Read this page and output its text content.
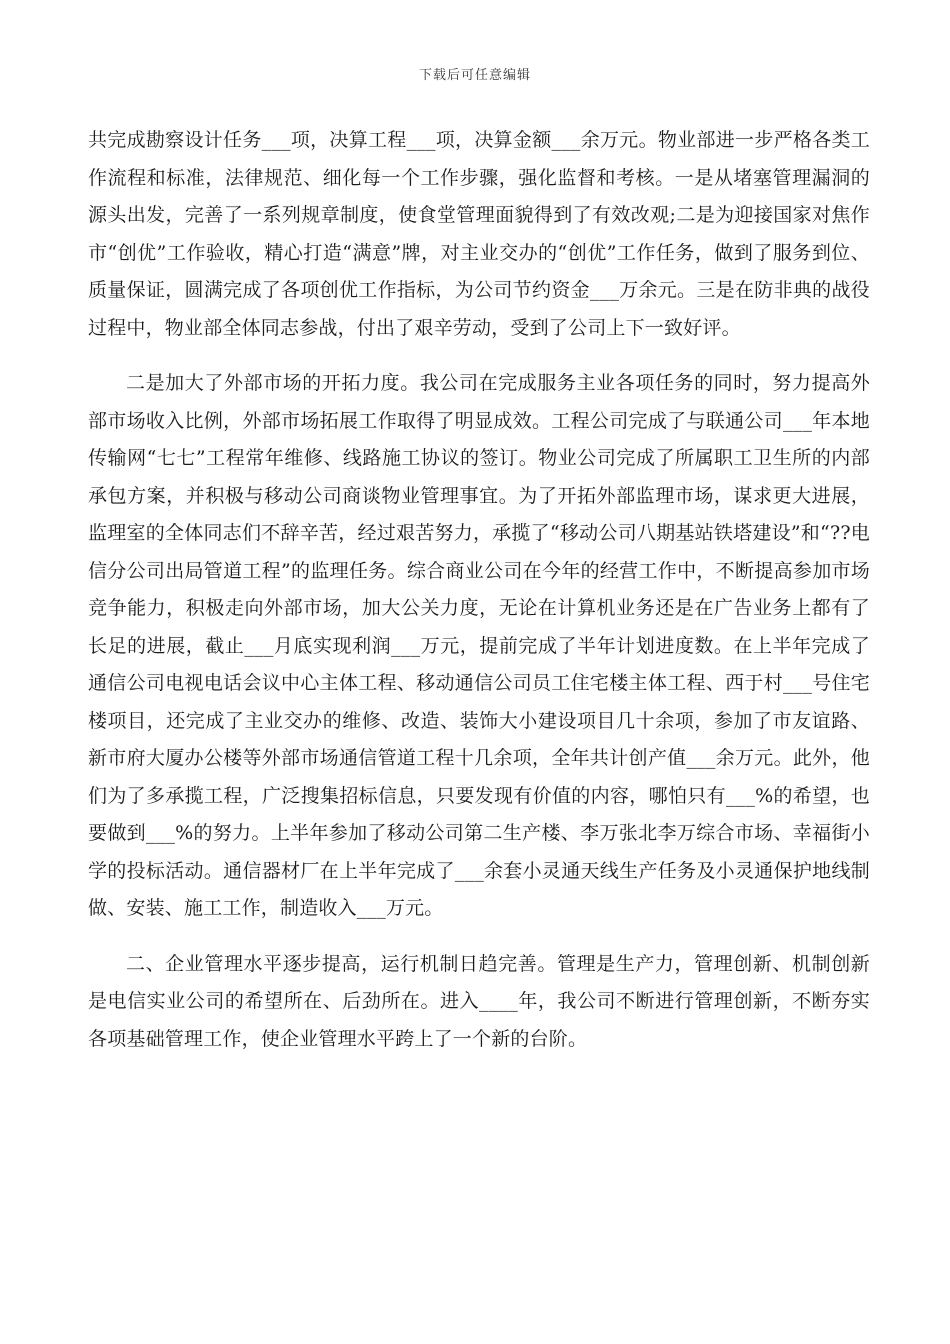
下载后可任意编辑

共完成勘察设计任务___项，决算工程___项，决算金额___余万元。物业部进一步严格各类工作流程和标准，法律规范、细化每一个工作步骤，强化监督和考核。一是从堵塞管理漏洞的源头出发，完善了一系列规章制度，使食堂管理面貌得到了有效改观;二是为迎接国家对焦作市“创优”工作验收，精心打造“满意”牌，对主业交办的“创优”工作任务，做到了服务到位、质量保证，圆满完成了各项创优工作指标，为公司节约资金___万余元。三是在防非典的战役过程中，物业部全体同志参战，付出了艰辛劳动，受到了公司上下一致好评。

二是加大了外部市场的开拓力度。我公司在完成服务主业各项任务的同时，努力提高外部市场收入比例，外部市场拓展工作取得了明显成效。工程公司完成了与联通公司___年本地传输网“七七”工程常年维修、线路施工协议的签订。物业公司完成了所属职工卫生所的内部承包方案，并积极与移动公司商谈物业管理事宜。为了开拓外部监理市场，谋求更大进展，监理室的全体同志们不辞辛苦，经过艰苦努力，承揽了“移动公司八期基站铁塔建设”和“??电信分公司出局管道工程”的监理任务。综合商业公司在今年的经营工作中，不断提高参加市场竞争能力，积极走向外部市场，加大公关力度，无论在计算机业务还是在广告业务上都有了长足的进展，截止___月底实现利润___万元，提前完成了半年计划进度数。在上半年完成了通信公司电视电话会议中心主体工程、移动通信公司员工住宅楼主体工程、西于村___号住宅楼项目，还完成了主业交办的维修、改造、装饰大小建设项目几十余项，参加了市友谊路、新市府大厦办公楼等外部市场通信管道工程十几余项，全年共计创产值___余万元。此外，他们为了多承揽工程，广泛搜集招标信息，只要发现有价值的内容，哪怕只有___%的希望，也要做到___%的努力。上半年参加了移动公司第二生产楼、李万张北李万综合市场、幸福街小学的投标活动。通信器材厂在上半年完成了___余套小灵通天线生产任务及小灵通保护地线制做、安装、施工工作，制造收入___万元。

二、企业管理水平逐步提高，运行机制日趋完善。管理是生产力，管理创新、机制创新是电信实业公司的希望所在、后劲所在。进入____年，我公司不断进行管理创新，不断夯实各项基础管理工作，使企业管理水平跨上了一个新的台阶。
